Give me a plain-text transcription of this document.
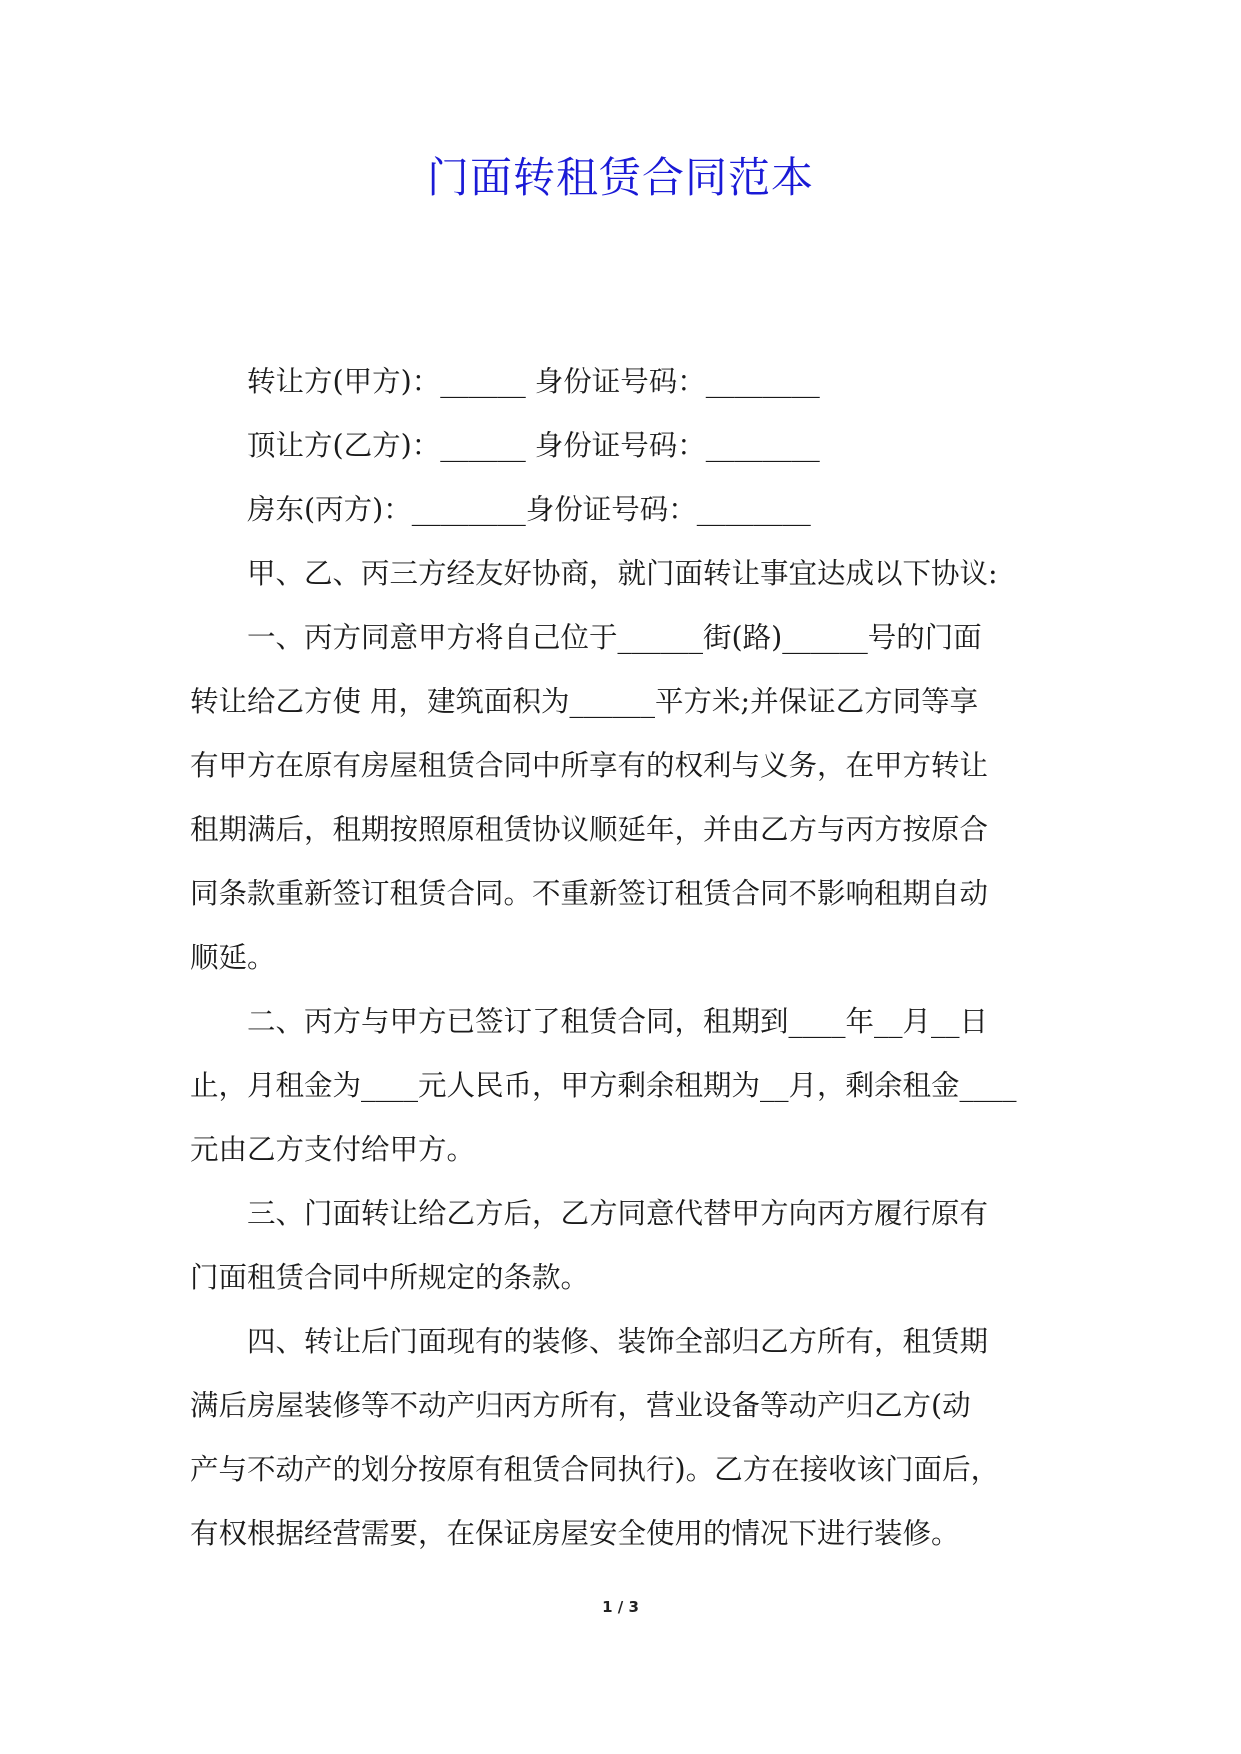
门面转租赁合同范本
转让方(甲方)：______ 身份证号码：________
顶让方(乙方)：______ 身份证号码：________
房东(丙方)：________身份证号码：________
甲、乙、丙三方经友好协商，就门面转让事宜达成以下协议:
一、丙方同意甲方将自己位于______街(路)______号的门面
转让给乙方使 用，建筑面积为______平方米;并保证乙方同等享
有甲方在原有房屋租赁合同中所享有的权利与义务，在甲方转让
租期满后，租期按照原租赁协议顺延年，并由乙方与丙方按原合
同条款重新签订租赁合同。不重新签订租赁合同不影响租期自动
顺延。
二、丙方与甲方已签订了租赁合同，租期到____年__月__日
止，月租金为____元人民币，甲方剩余租期为__月，剩余租金____
元由乙方支付给甲方。
三、门面转让给乙方后，乙方同意代替甲方向丙方履行原有
门面租赁合同中所规定的条款。
四、转让后门面现有的装修、装饰全部归乙方所有，租赁期
满后房屋装修等不动产归丙方所有，营业设备等动产归乙方(动
产与不动产的划分按原有租赁合同执行)。乙方在接收该门面后，
有权根据经营需要，在保证房屋安全使用的情况下进行装修。
1 / 3
